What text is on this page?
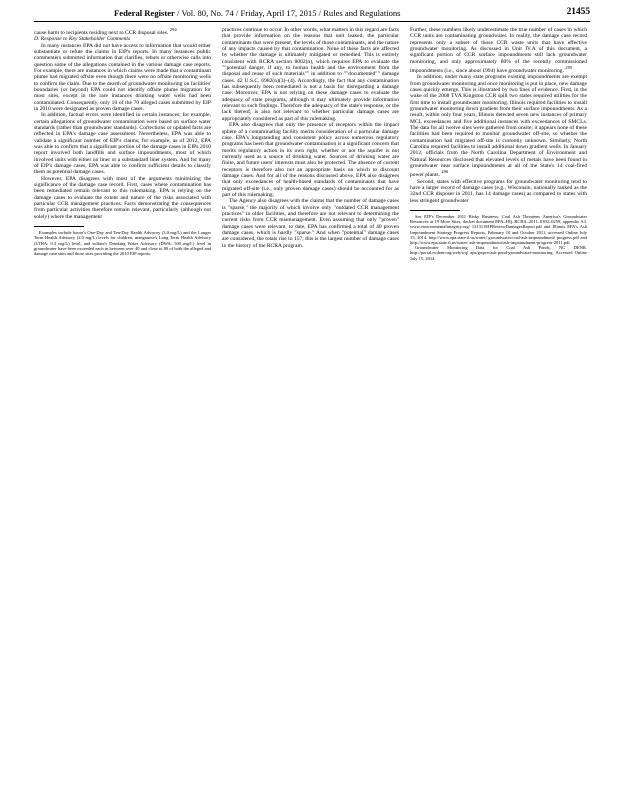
Federal Register / Vol. 80, No. 74 / Friday, April 17, 2015 / Rules and Regulations	21455

cause harm to recipients residing next to CCR disposal sites. $^{294}$

D. Response to Key Stakeholder Comments

In many instances EPA did not have access to information that would either substantiate or refute the claims in EIP's reports. In many instances public commenters submitted information that clarifies, rebuts or otherwise calls into question some of the allegations contained in the various damage case reports. For example, there are instances in which claims were made that a contaminant plume had migrated offsite even though there were no offsite monitoring wells to confirm the claim. Due to the dearth of groundwater monitoring on facilities' boundaries (or beyond) EPA could not identify offsite plume migration for most sites, except in the rare instances drinking water wells had been contaminated. Consequently, only 10 of the 70 alleged cases submitted by EIP in 2010 were designated as proven damage cases.

In addition, factual errors were identified in certain instances; for example, certain allegations of groundwater contamination were based on surface water standards (rather than groundwater standards). Corrections or updated facts are reflected in EPA's damage case assessment. Nevertheless, EPA was able to validate a significant number of EIP's claims; for example, as of 2012, EPA was able to confirm that a significant portion of the damage cases in EIPs 2010 report involved both landfills and surface impoundments, most of which involved units with either no liner or a substandard liner system. And for many of EIP's damage cases, EPA was able to confirm sufficient details to classify them as potential damage cases.

However, EPA disagrees with most of the arguments minimizing the significance of the damage case record. First, cases where contamination has been remediated remain relevant to this rulemaking. EPA is relying on the damage cases to evaluate the extent and nature of the risks associated with particular CCR management practices. Facts demonstrating the consequences from particular activities therefore remain relevant, particularly (although not solely) where the management

Examples include boron's One-Day and Ten-Day Health Advisory (3.0 mg/L) and the Longer Term Health Advisory (2.0 mg/L) levels for children, manganese's Long Term Health Advisory (LTHA: 0.3 mg/L) level, and sulfate's Drinking Water Advisory (DWA: 500 mg/L) level in groundwater have been exceeded each in between over 40 and close to 80 of both the alleged and damage case sites and those sites providing the 2010 EIP reports.

practices continue to occur. In other words, what matters in this regard are facts that provide information on the reasons that unit leaked, the particular contaminants that were present, the levels of those contaminants, and the nature of any impacts caused by that contamination. None of these facts are affected by whether the damage is ultimately mitigated or remedied. This is entirely consistent with RCRA section 8002(n), which requires EPA to evaluate the ""potential danger, if any, to human health and the environment from the disposal and reuse of such materials"" in addition to ""documented"" damage cases. 42 U.S.C. 6982(n)(3)–(4). Accordingly, the fact that any contamination has subsequently been remediated is not a basis for disregarding a damage case. Moreover, EPA is not relying on these damage cases to evaluate the adequacy of state programs, although it may ultimately provide information relevant to such findings. Therefore the adequacy of the state's response, or the lack thereof, is also not relevant to whether particular damage cases are appropriately considered as part of this rulemaking.

EPA also disagrees that only the presence of receptors within the impact sphere of a contaminating facility merits consideration of a particular damage case. EPA's longstanding and consistent policy across numerous regulatory programs has been that groundwater contamination is a significant concern that merits regulatory action in its own right, whether or not the aquifer is not currently used as a source of drinking water. Sources of drinking water are finite, and future users' interests must also be protected. The absence of current receptors is therefore also not an appropriate basis on which to discount damage cases. And for all of the reasons discussed above, EPA also disagrees that only exceedances of health-based standards of contaminants that have migrated off-site (i.e., only proven damage cases) should be accounted for as part of this rulemaking.

The Agency also disagrees with the claims that the number of damage cases is "sparse," the majority of which involve only "outdated CCR management practices" in older facilities, and therefore are not relevant to determining the current risks from CCR mismanagement. Even assuming that only "proven" damage cases were relevant, to date, EPA has confirmed a total of 40 proven damage cases, which is hardly "sparse." And when "potential" damage cases are considered, the totals rise to 157; this is the largest number of damage cases in the history of the RCRA program.

Further, these numbers likely underestimate the true number of cases in which CCR units are contaminating groundwater. In reality, the damage case record represents only a subset of those CCR waste units that have effective groundwater monitoring. As discussed in Unit IV.A of this document, a significant portion of CCR surface impoundments still lack groundwater monitoring, and only approximately 80% of the recently commissioned impoundments (i.e., since about 1994) have groundwater monitoring. $^{295}$

In addition, under many state programs existing impoundments are exempt from groundwater monitoring and once monitoring is put in place, new damage cases quickly emerge. This is illustrated by two lines of evidence. First, in the wake of the 2008 TVA Kingston CCR spill two states required utilities for the first time to install groundwater monitoring. Illinois required facilities to install groundwater monitoring down gradient from their surface impoundments. As a result, within only four years, Illinois detected seven new instances of primary MCL exceedances and five additional instances with exceedances of SMCLs. The data for all twelve sites were gathered from onsite; it appears none of these facilities had been required to monitor groundwater off-site, so whether the contamination had migrated off-site is currently unknown. Similarly, North Carolina required facilities to install additional down gradient wells. In January 2012, officials from the North Carolina Department of Environment and Natural Resources disclosed that elevated levels of metals have been found in groundwater near surface impoundments at all of the State's 14 coal-fired power plants. $^{296}$

Second, states with effective programs for groundwater monitoring tend to have a larger record of damage cases (e.g., Wisconsin, nationally ranked as the 32nd CCR disposer in 2011, has 14 damage cases) as compared to states with less stringent groundwater

See EIP's December 2011 Risky Business: Coal Ash Threatens America's Groundwater Resources at 19 More Sites, docket document EPA–HQ–RCRA–2011–0392–0259, appendix A3. www.environmentalintegrity.org/ 121311EIPReviewDamagesReport.pdf and Illinois EPA's Ash Impoundment Strategy Progress Reports, February 10 and October 2011, accessed Online July 15, 2014. http://www.epa.state.il.us/water/ groundwater/coal-ash-impoundment/ progress.pdf and http://www.epa.state.il.us/water/ ash-impoundment/ash-impoundment-progress-2011.pdf

Groundwater Monitoring Data for Coal Ash Ponds, NC DENR. http://portal.ncdenr.org/web/wq/ aps/gwpro/ash-pond-groundwater-monitoring. Accessed Online July 15, 2014.
